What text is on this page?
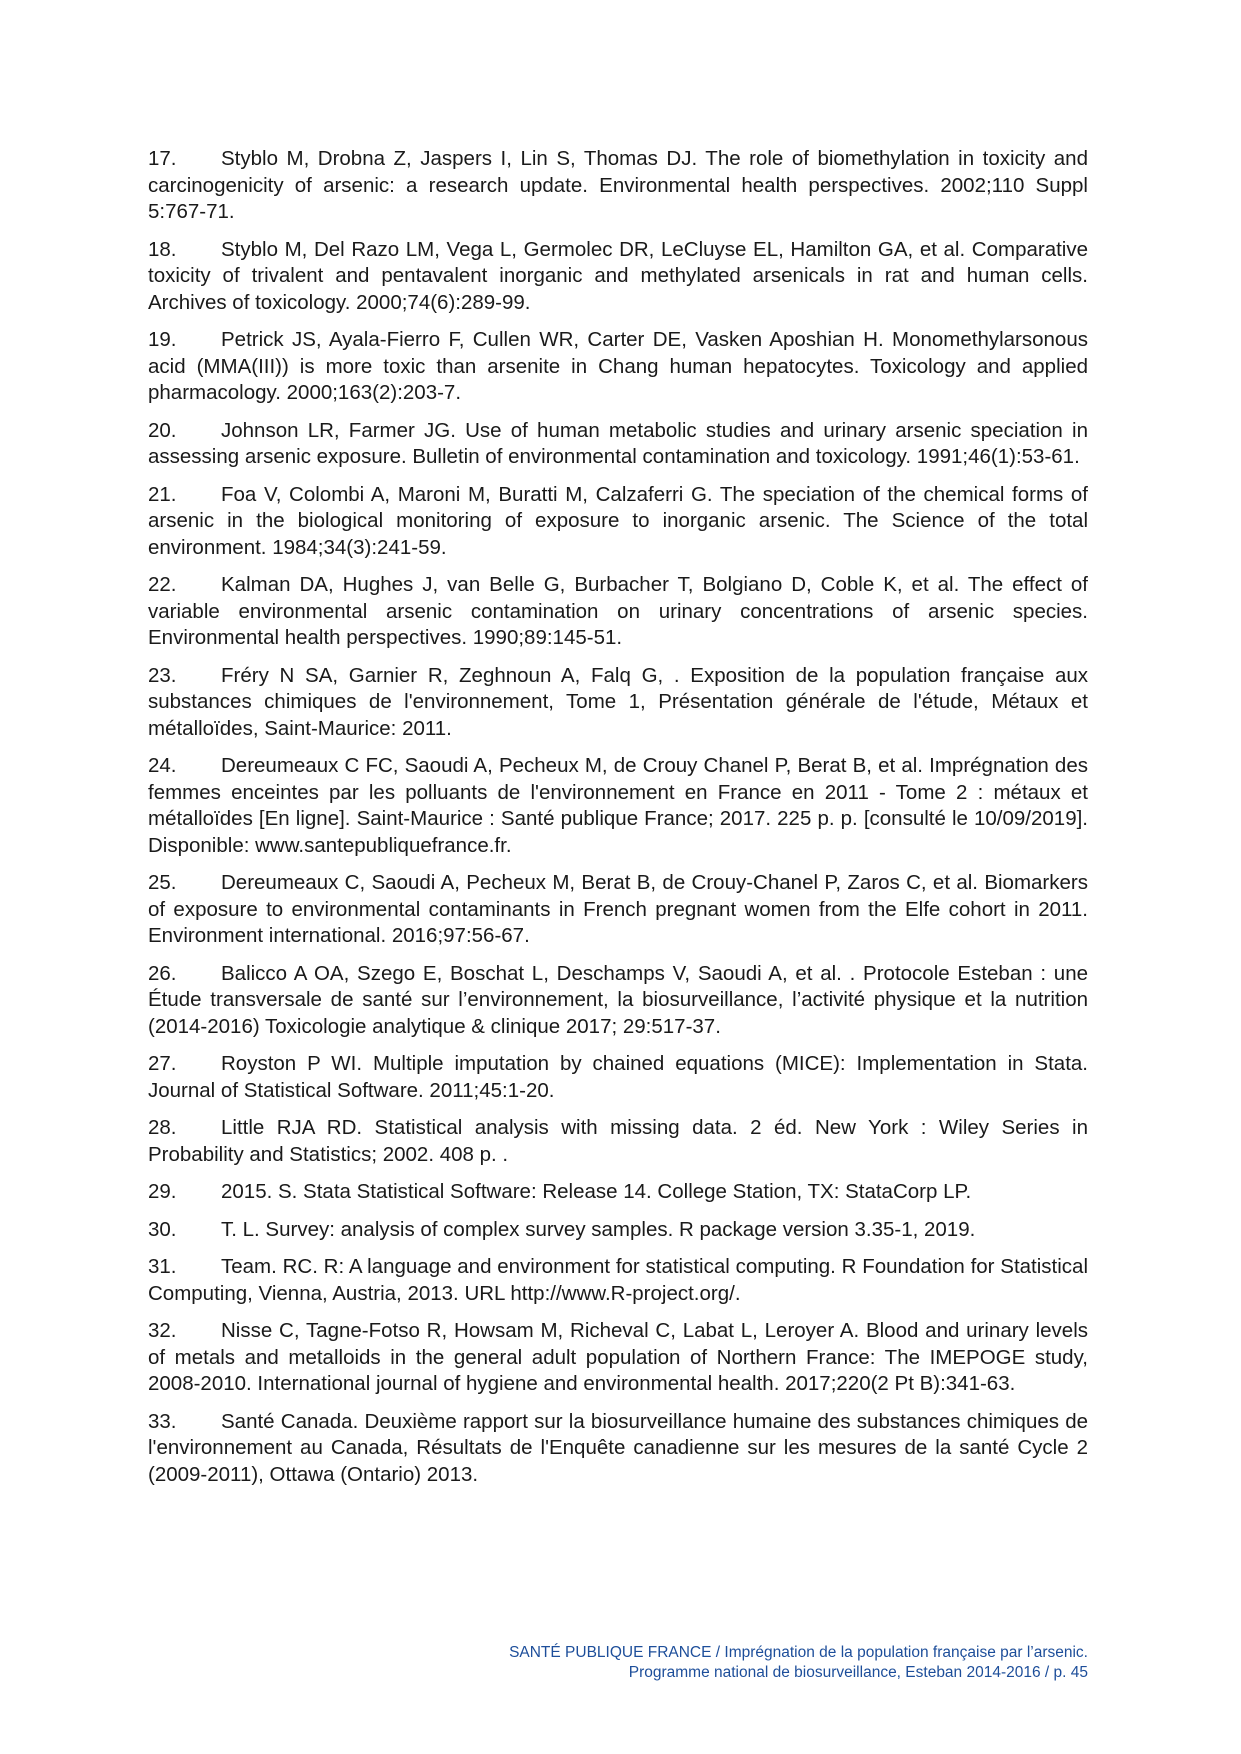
17. Styblo M, Drobna Z, Jaspers I, Lin S, Thomas DJ. The role of biomethylation in toxicity and carcinogenicity of arsenic: a research update. Environmental health perspectives. 2002;110 Suppl 5:767-71.

18. Styblo M, Del Razo LM, Vega L, Germolec DR, LeCluyse EL, Hamilton GA, et al. Comparative toxicity of trivalent and pentavalent inorganic and methylated arsenicals in rat and human cells. Archives of toxicology. 2000;74(6):289-99.

19. Petrick JS, Ayala-Fierro F, Cullen WR, Carter DE, Vasken Aposhian H. Monomethylarsonous acid (MMA(III)) is more toxic than arsenite in Chang human hepatocytes. Toxicology and applied pharmacology. 2000;163(2):203-7.

20. Johnson LR, Farmer JG. Use of human metabolic studies and urinary arsenic speciation in assessing arsenic exposure. Bulletin of environmental contamination and toxicology. 1991;46(1):53-61.

21. Foa V, Colombi A, Maroni M, Buratti M, Calzaferri G. The speciation of the chemical forms of arsenic in the biological monitoring of exposure to inorganic arsenic. The Science of the total environment. 1984;34(3):241-59.

22. Kalman DA, Hughes J, van Belle G, Burbacher T, Bolgiano D, Coble K, et al. The effect of variable environmental arsenic contamination on urinary concentrations of arsenic species. Environmental health perspectives. 1990;89:145-51.

23. Fréry N SA, Garnier R, Zeghnoun A, Falq G, . Exposition de la population française aux substances chimiques de l'environnement, Tome 1, Présentation générale de l'étude, Métaux et métalloïdes, Saint-Maurice: 2011.

24. Dereumeaux C FC, Saoudi A, Pecheux M, de Crouy Chanel P, Berat B, et al. Imprégnation des femmes enceintes par les polluants de l'environnement en France en 2011 - Tome 2 : métaux et métalloïdes [En ligne]. Saint-Maurice : Santé publique France; 2017. 225 p. p. [consulté le 10/09/2019]. Disponible: www.santepubliquefrance.fr.

25. Dereumeaux C, Saoudi A, Pecheux M, Berat B, de Crouy-Chanel P, Zaros C, et al. Biomarkers of exposure to environmental contaminants in French pregnant women from the Elfe cohort in 2011. Environment international. 2016;97:56-67.

26. Balicco A OA, Szego E, Boschat L, Deschamps V, Saoudi A, et al. . Protocole Esteban : une Étude transversale de santé sur l’environnement, la biosurveillance, l’activité physique et la nutrition (2014-2016) Toxicologie analytique & clinique 2017; 29:517-37.

27. Royston P WI. Multiple imputation by chained equations (MICE): Implementation in Stata. Journal of Statistical Software. 2011;45:1-20.

28. Little RJA RD. Statistical analysis with missing data. 2 éd. New York : Wiley Series in Probability and Statistics; 2002. 408 p. .

29. 2015. S. Stata Statistical Software: Release 14. College Station, TX: StataCorp LP.

30. T. L. Survey: analysis of complex survey samples. R package version 3.35-1, 2019.

31. Team. RC. R: A language and environment for statistical computing. R Foundation for Statistical Computing, Vienna, Austria, 2013. URL http://www.R-project.org/.

32. Nisse C, Tagne-Fotso R, Howsam M, Richeval C, Labat L, Leroyer A. Blood and urinary levels of metals and metalloids in the general adult population of Northern France: The IMEPOGE study, 2008-2010. International journal of hygiene and environmental health. 2017;220(2 Pt B):341-63.

33. Santé Canada. Deuxième rapport sur la biosurveillance humaine des substances chimiques de l'environnement au Canada, Résultats de l'Enquête canadienne sur les mesures de la santé Cycle 2 (2009-2011), Ottawa (Ontario) 2013.

SANTÉ PUBLIQUE FRANCE / Imprégnation de la population française par l’arsenic.
Programme national de biosurveillance, Esteban 2014-2016 / p. 45
